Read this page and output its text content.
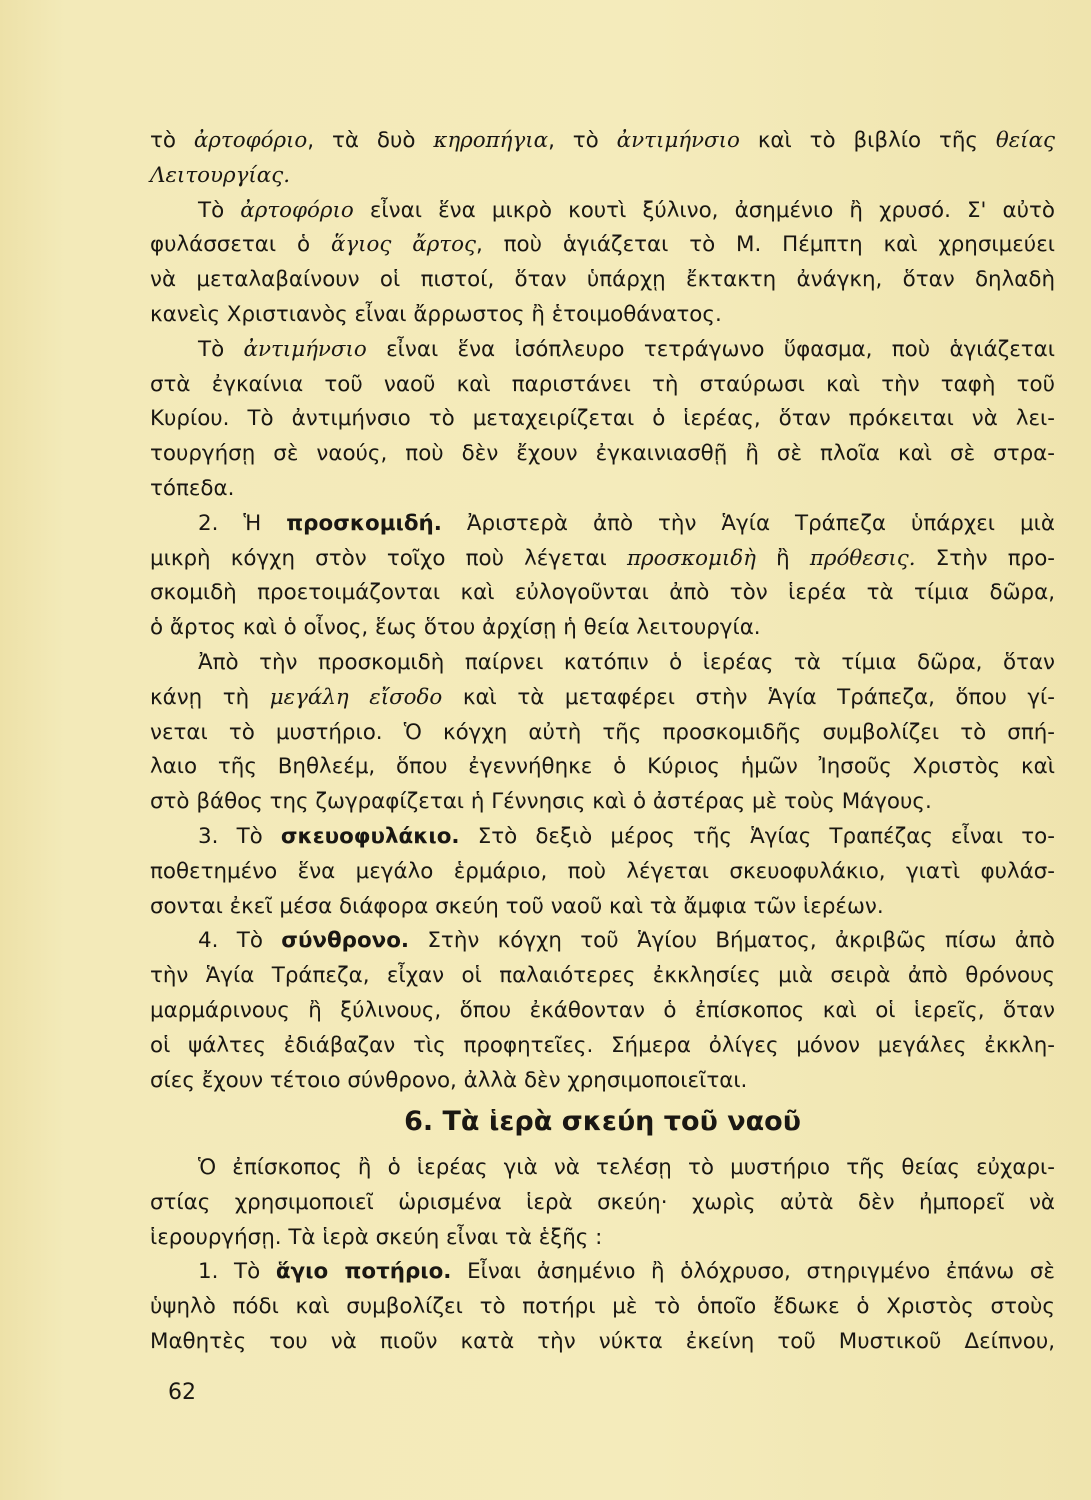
τὸ ἀρτοφόριο, τὰ δυὸ κηροπήγια, τὸ ἀντιμήνσιο καὶ τὸ βιβλίο τῆς θείας
Λειτουργίας.
Τὸ ἀρτοφόριο εἶναι ἕνα μικρὸ κουτὶ ξύλινο, ἀσημένιο ἢ χρυσό. Σ' αὐτὸ
φυλάσσεται ὁ ἅγιος ἄρτος, ποὺ ἁγιάζεται τὸ Μ. Πέμπτη καὶ χρησιμεύει
νὰ μεταλαβαίνουν οἱ πιστοί, ὅταν ὑπάρχῃ ἔκτακτη ἀνάγκη, ὅταν δηλαδὴ
κανεὶς Χριστιανὸς εἶναι ἄρρωστος ἢ ἑτοιμοθάνατος.
Τὸ ἀντιμήνσιο εἶναι ἕνα ἰσόπλευρο τετράγωνο ὕφασμα, ποὺ ἁγιάζεται
στὰ ἐγκαίνια τοῦ ναοῦ καὶ παριστάνει τὴ σταύρωσι καὶ τὴν ταφὴ τοῦ
Κυρίου. Τὸ ἀντιμήνσιο τὸ μεταχειρίζεται ὁ ἱερέας, ὅταν πρόκειται νὰ λει-
τουργήσῃ σὲ ναούς, ποὺ δὲν ἔχουν ἐγκαινιασθῇ ἢ σὲ πλοῖα καὶ σὲ στρα-
τόπεδα.
2. Ἡ προσκομιδή. Ἀριστερὰ ἀπὸ τὴν Ἁγία Τράπεζα ὑπάρχει μιὰ
μικρὴ κόγχη στὸν τοῖχο ποὺ λέγεται προσκομιδὴ ἢ πρόθεσις. Στὴν προ-
σκομιδὴ προετοιμάζονται καὶ εὐλογοῦνται ἀπὸ τὸν ἱερέα τὰ τίμια δῶρα,
ὁ ἄρτος καὶ ὁ οἶνος, ἕως ὅτου ἀρχίσῃ ἡ θεία λειτουργία.
Ἀπὸ τὴν προσκομιδὴ παίρνει κατόπιν ὁ ἱερέας τὰ τίμια δῶρα, ὅταν
κάνῃ τὴ μεγάλη εἴσοδο καὶ τὰ μεταφέρει στὴν Ἁγία Τράπεζα, ὅπου γί-
νεται τὸ μυστήριο. Ὁ κόγχη αὐτὴ τῆς προσκομιδῆς συμβολίζει τὸ σπή-
λαιο τῆς Βηθλεέμ, ὅπου ἐγεννήθηκε ὁ Κύριος ἡμῶν Ἰησοῦς Χριστὸς καὶ
στὸ βάθος της ζωγραφίζεται ἡ Γέννησις καὶ ὁ ἀστέρας μὲ τοὺς Μάγους.
3. Τὸ σκευοφυλάκιο. Στὸ δεξιὸ μέρος τῆς Ἁγίας Τραπέζας εἶναι το-
ποθετημένο ἕνα μεγάλο ἑρμάριο, ποὺ λέγεται σκευοφυλάκιο, γιατὶ φυλάσ-
σονται ἐκεῖ μέσα διάφορα σκεύη τοῦ ναοῦ καὶ τὰ ἄμφια τῶν ἱερέων.
4. Τὸ σύνθρονο. Στὴν κόγχη τοῦ Ἁγίου Βήματος, ἀκριβῶς πίσω ἀπὸ
τὴν Ἁγία Τράπεζα, εἶχαν οἱ παλαιότερες ἐκκλησίες μιὰ σειρὰ ἀπὸ θρόνους
μαρμάρινους ἢ ξύλινους, ὅπου ἐκάθονταν ὁ ἐπίσκοπος καὶ οἱ ἱερεῖς, ὅταν
οἱ ψάλτες ἐδιάβαζαν τὶς προφητεῖες. Σήμερα ὀλίγες μόνον μεγάλες ἐκκλη-
σίες ἔχουν τέτοιο σύνθρονο, ἀλλὰ δὲν χρησιμοποιεῖται.
6. Τὰ ἱερὰ σκεύη τοῦ ναοῦ
Ὁ ἐπίσκοπος ἢ ὁ ἱερέας γιὰ νὰ τελέσῃ τὸ μυστήριο τῆς θείας εὐχαρι-
στίας χρησιμοποιεῖ ὡρισμένα ἱερὰ σκεύη· χωρὶς αὐτὰ δὲν ἠμπορεῖ νὰ
ἱερουργήσῃ. Τὰ ἱερὰ σκεύη εἶναι τὰ ἑξῆς :
1. Τὸ ἅγιο ποτήριο. Εἶναι ἀσημένιο ἢ ὁλόχρυσο, στηριγμένο ἐπάνω σὲ
ὑψηλὸ πόδι καὶ συμβολίζει τὸ ποτήρι μὲ τὸ ὁποῖο ἔδωκε ὁ Χριστὸς στοὺς
Μαθητὲς του νὰ πιοῦν κατὰ τὴν νύκτα ἐκείνη τοῦ Μυστικοῦ Δείπνου,
62
